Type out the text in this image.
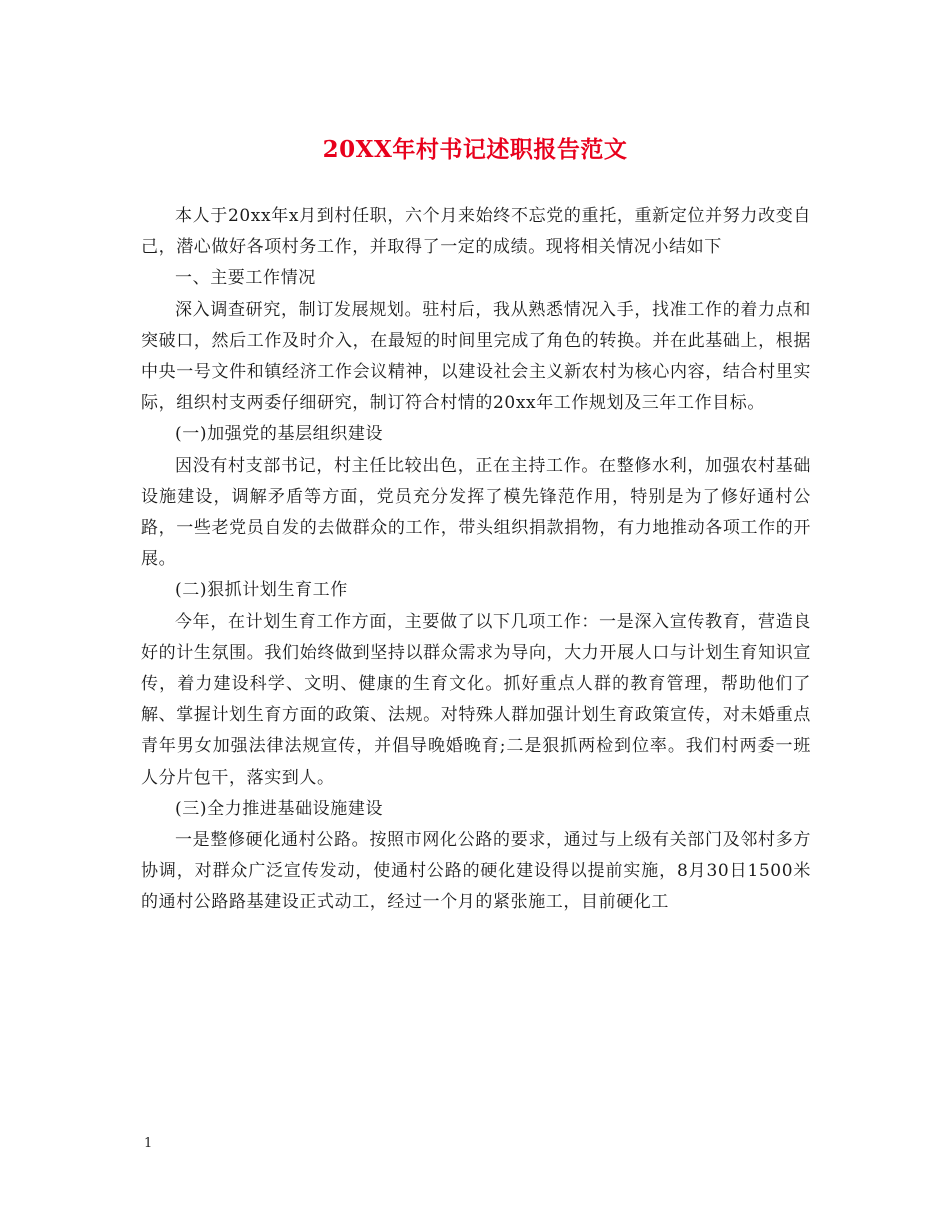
20XX年村书记述职报告范文

本人于20xx年x月到村任职，六个月来始终不忘党的重托，重新定位并努力改变自己，潜心做好各项村务工作，并取得了一定的成绩。现将相关情况小结如下

一、主要工作情况

深入调查研究，制订发展规划。驻村后，我从熟悉情况入手，找准工作的着力点和突破口，然后工作及时介入，在最短的时间里完成了角色的转换。并在此基础上，根据中央一号文件和镇经济工作会议精神，以建设社会主义新农村为核心内容，结合村里实际，组织村支两委仔细研究，制订符合村情的20xx年工作规划及三年工作目标。

(一)加强党的基层组织建设

因没有村支部书记，村主任比较出色，正在主持工作。在整修水利，加强农村基础设施建设，调解矛盾等方面，党员充分发挥了模先锋范作用，特别是为了修好通村公路，一些老党员自发的去做群众的工作，带头组织捐款捐物，有力地推动各项工作的开展。

(二)狠抓计划生育工作

今年，在计划生育工作方面，主要做了以下几项工作：一是深入宣传教育，营造良好的计生氛围。我们始终做到坚持以群众需求为导向，大力开展人口与计划生育知识宣传，着力建设科学、文明、健康的生育文化。抓好重点人群的教育管理，帮助他们了解、掌握计划生育方面的政策、法规。对特殊人群加强计划生育政策宣传，对未婚重点青年男女加强法律法规宣传，并倡导晚婚晚育;二是狠抓两检到位率。我们村两委一班人分片包干，落实到人。

(三)全力推进基础设施建设

一是整修硬化通村公路。按照市网化公路的要求，通过与上级有关部门及邻村多方协调，对群众广泛宣传发动，使通村公路的硬化建设得以提前实施，8月30日1500米的通村公路路基建设正式动工，经过一个月的紧张施工，目前硬化工

1
